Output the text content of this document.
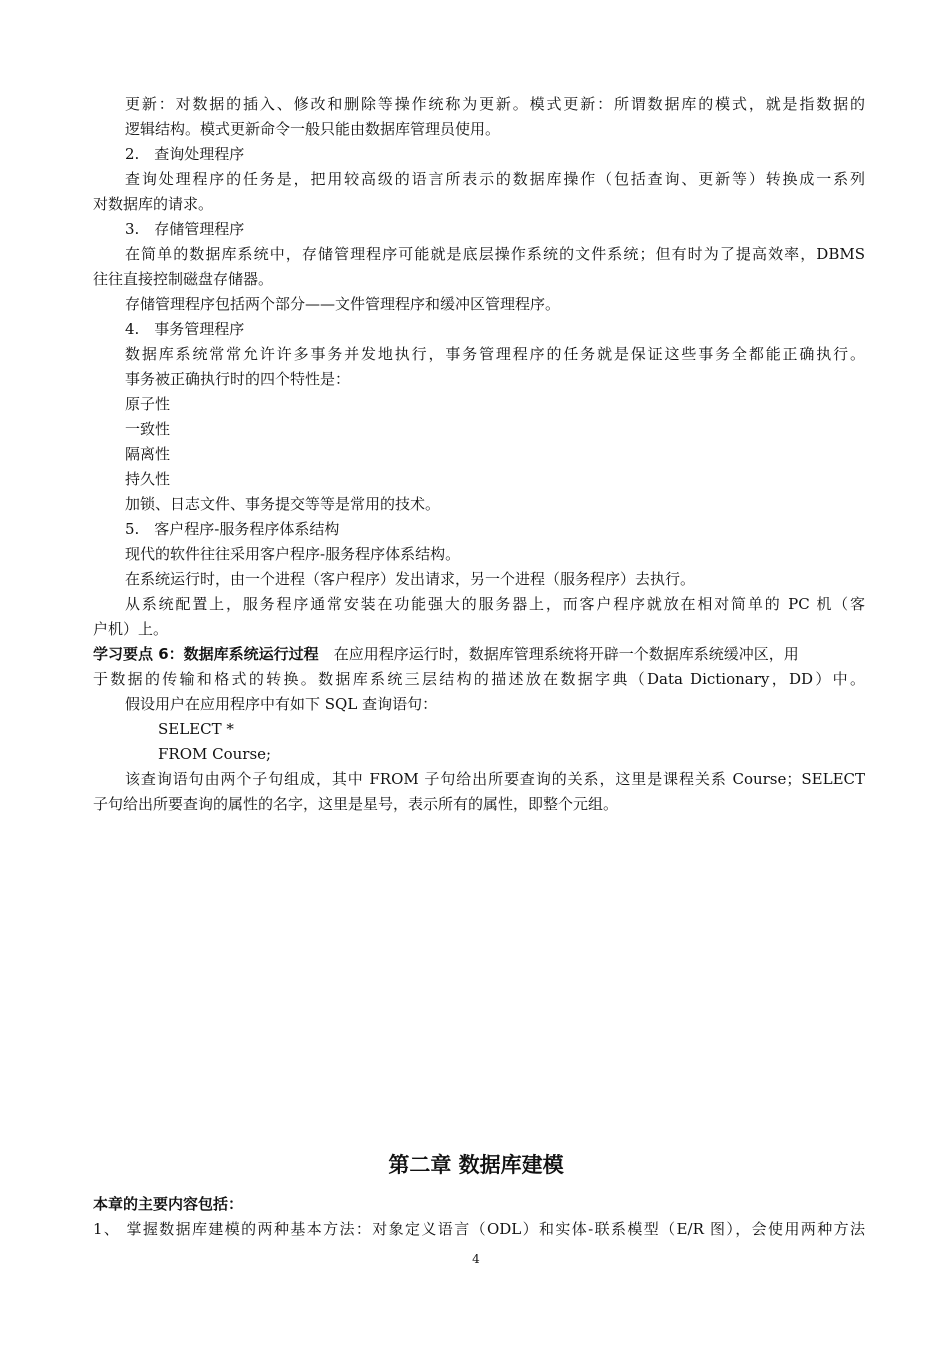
更新：对数据的插入、修改和删除等操作统称为更新。模式更新：所谓数据库的模式，就是指数据的
逻辑结构。模式更新命令一般只能由数据库管理员使用。
2.　查询处理程序
查询处理程序的任务是，把用较高级的语言所表示的数据库操作（包括查询、更新等）转换成一系列
对数据库的请求。
3.　存储管理程序
在简单的数据库系统中，存储管理程序可能就是底层操作系统的文件系统；但有时为了提高效率，DBMS
往往直接控制磁盘存储器。
存储管理程序包括两个部分——文件管理程序和缓冲区管理程序。
4.　事务管理程序
数据库系统常常允许许多事务并发地执行，事务管理程序的任务就是保证这些事务全都能正确执行。
事务被正确执行时的四个特性是：
原子性
一致性
隔离性
持久性
加锁、日志文件、事务提交等等是常用的技术。
5.　客户程序-服务程序体系结构
现代的软件往往采用客户程序-服务程序体系结构。
在系统运行时，由一个进程（客户程序）发出请求，另一个进程（服务程序）去执行。
从系统配置上，服务程序通常安装在功能强大的服务器上，而客户程序就放在相对简单的 PC 机（客
户机）上。
学习要点 6：数据库系统运行过程　 在应用程序运行时，数据库管理系统将开辟一个数据库系统缓冲区，用
于数据的传输和格式的转换。数据库系统三层结构的描述放在数据字典（Data Dictionary，DD）中。
假设用户在应用程序中有如下 SQL 查询语句：
SELECT *
FROM Course;
该查询语句由两个子句组成，其中 FROM 子句给出所要查询的关系，这里是课程关系 Course；SELECT
子句给出所要查询的属性的名字，这里是星号，表示所有的属性，即整个元组。
第二章 数据库建模
本章的主要内容包括：
1、 掌握数据库建模的两种基本方法：对象定义语言（ODL）和实体-联系模型（E/R 图），会使用两种方法
4
